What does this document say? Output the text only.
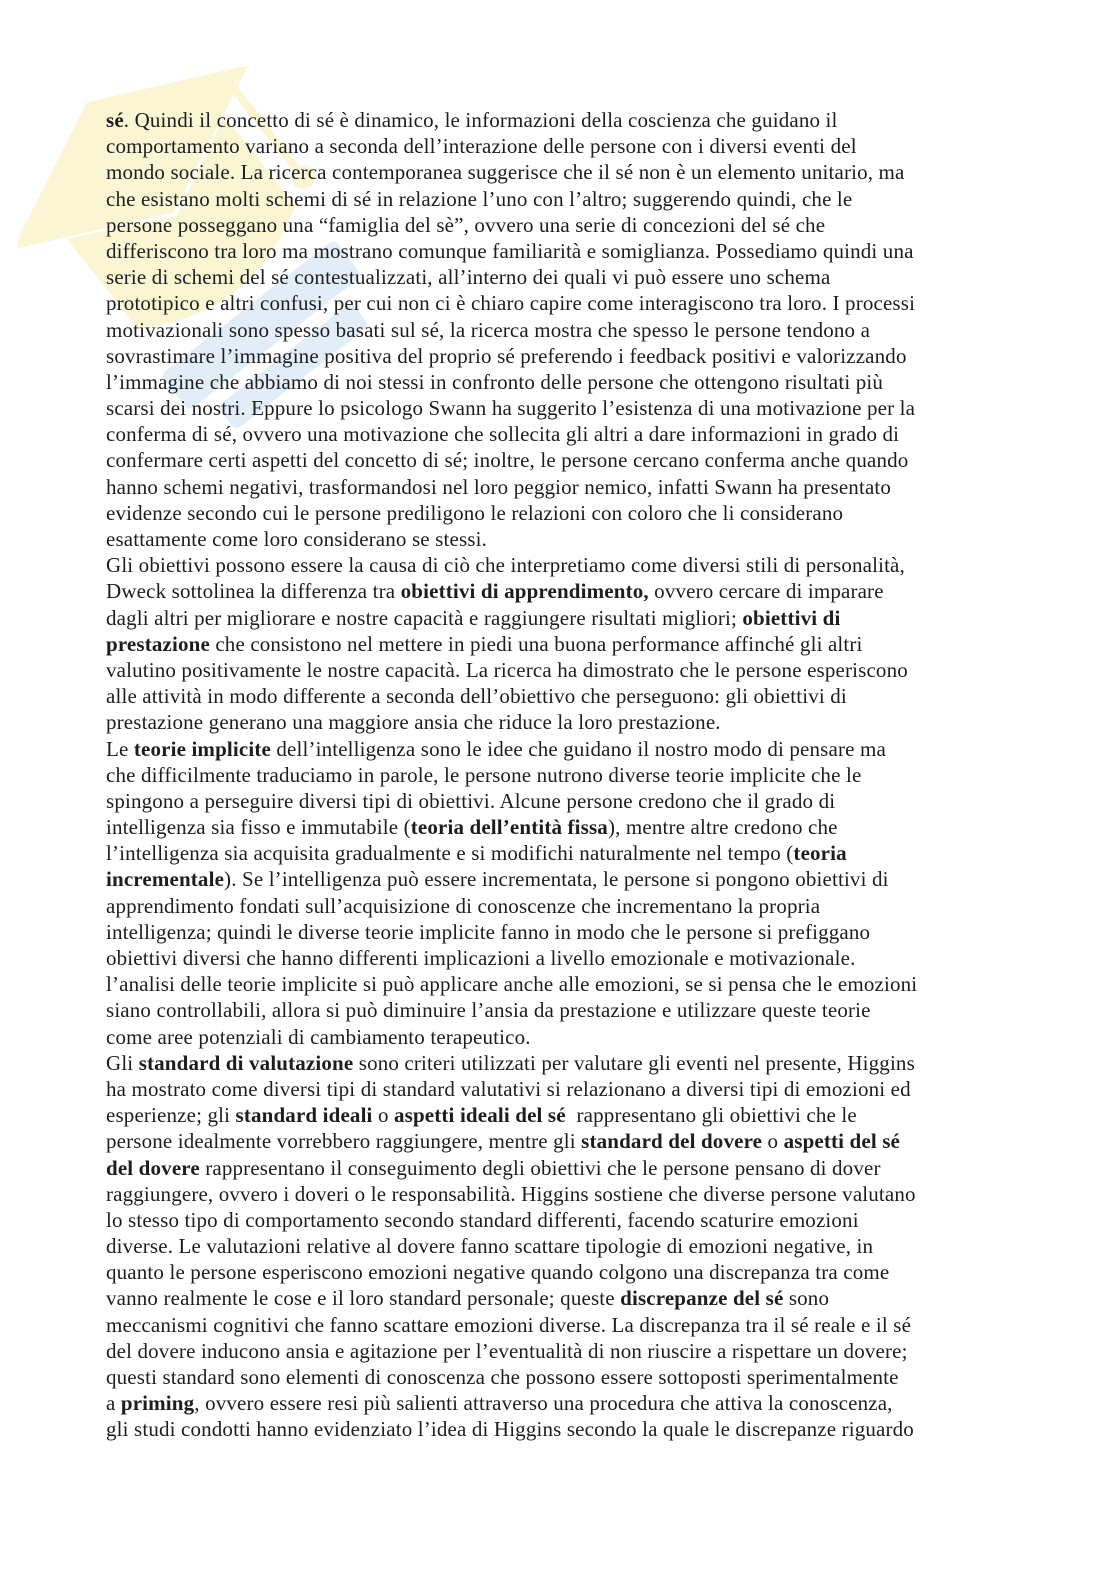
sé. Quindi il concetto di sé è dinamico, le informazioni della coscienza che guidano il
comportamento variano a seconda dell’interazione delle persone con i diversi eventi del
mondo sociale. La ricerca contemporanea suggerisce che il sé non è un elemento unitario, ma
che esistano molti schemi di sé in relazione l’uno con l’altro; suggerendo quindi, che le
persone posseggano una “famiglia del sè”, ovvero una serie di concezioni del sé che
differiscono tra loro ma mostrano comunque familiarità e somiglianza. Possediamo quindi una
serie di schemi del sé contestualizzati, all’interno dei quali vi può essere uno schema
prototipico e altri confusi, per cui non ci è chiaro capire come interagiscono tra loro. I processi
motivazionali sono spesso basati sul sé, la ricerca mostra che spesso le persone tendono a
sovrastimare l’immagine positiva del proprio sé preferendo i feedback positivi e valorizzando
l’immagine che abbiamo di noi stessi in confronto delle persone che ottengono risultati più
scarsi dei nostri. Eppure lo psicologo Swann ha suggerito l’esistenza di una motivazione per la
conferma di sé, ovvero una motivazione che sollecita gli altri a dare informazioni in grado di
confermare certi aspetti del concetto di sé; inoltre, le persone cercano conferma anche quando
hanno schemi negativi, trasformandosi nel loro peggior nemico, infatti Swann ha presentato
evidenze secondo cui le persone prediligono le relazioni con coloro che li considerano
esattamente come loro considerano se stessi.
Gli obiettivi possono essere la causa di ciò che interpretiamo come diversi stili di personalità,
Dweck sottolinea la differenza tra obiettivi di apprendimento, ovvero cercare di imparare
dagli altri per migliorare e nostre capacità e raggiungere risultati migliori; obiettivi di
prestazione che consistono nel mettere in piedi una buona performance affinché gli altri
valutino positivamente le nostre capacità. La ricerca ha dimostrato che le persone esperiscono
alle attività in modo differente a seconda dell’obiettivo che perseguono: gli obiettivi di
prestazione generano una maggiore ansia che riduce la loro prestazione.
Le teorie implicite dell’intelligenza sono le idee che guidano il nostro modo di pensare ma
che difficilmente traduciamo in parole, le persone nutrono diverse teorie implicite che le
spingono a perseguire diversi tipi di obiettivi. Alcune persone credono che il grado di
intelligenza sia fisso e immutabile (teoria dell’entità fissa), mentre altre credono che
l’intelligenza sia acquisita gradualmente e si modifichi naturalmente nel tempo (teoria
incrementale). Se l’intelligenza può essere incrementata, le persone si pongono obiettivi di
apprendimento fondati sull’acquisizione di conoscenze che incrementano la propria
intelligenza; quindi le diverse teorie implicite fanno in modo che le persone si prefiggano
obiettivi diversi che hanno differenti implicazioni a livello emozionale e motivazionale.
l’analisi delle teorie implicite si può applicare anche alle emozioni, se si pensa che le emozioni
siano controllabili, allora si può diminuire l’ansia da prestazione e utilizzare queste teorie
come aree potenziali di cambiamento terapeutico.
Gli standard di valutazione sono criteri utilizzati per valutare gli eventi nel presente, Higgins
ha mostrato come diversi tipi di standard valutativi si relazionano a diversi tipi di emozioni ed
esperienze; gli standard ideali o aspetti ideali del sé  rappresentano gli obiettivi che le
persone idealmente vorrebbero raggiungere, mentre gli standard del dovere o aspetti del sé
del dovere rappresentano il conseguimento degli obiettivi che le persone pensano di dover
raggiungere, ovvero i doveri o le responsabilità. Higgins sostiene che diverse persone valutano
lo stesso tipo di comportamento secondo standard differenti, facendo scaturire emozioni
diverse. Le valutazioni relative al dovere fanno scattare tipologie di emozioni negative, in
quanto le persone esperiscono emozioni negative quando colgono una discrepanza tra come
vanno realmente le cose e il loro standard personale; queste discrepanze del sé sono
meccanismi cognitivi che fanno scattare emozioni diverse. La discrepanza tra il sé reale e il sé
del dovere inducono ansia e agitazione per l’eventualità di non riuscire a rispettare un dovere;
questi standard sono elementi di conoscenza che possono essere sottoposti sperimentalmente
a priming, ovvero essere resi più salienti attraverso una procedura che attiva la conoscenza,
gli studi condotti hanno evidenziato l’idea di Higgins secondo la quale le discrepanze riguardo
